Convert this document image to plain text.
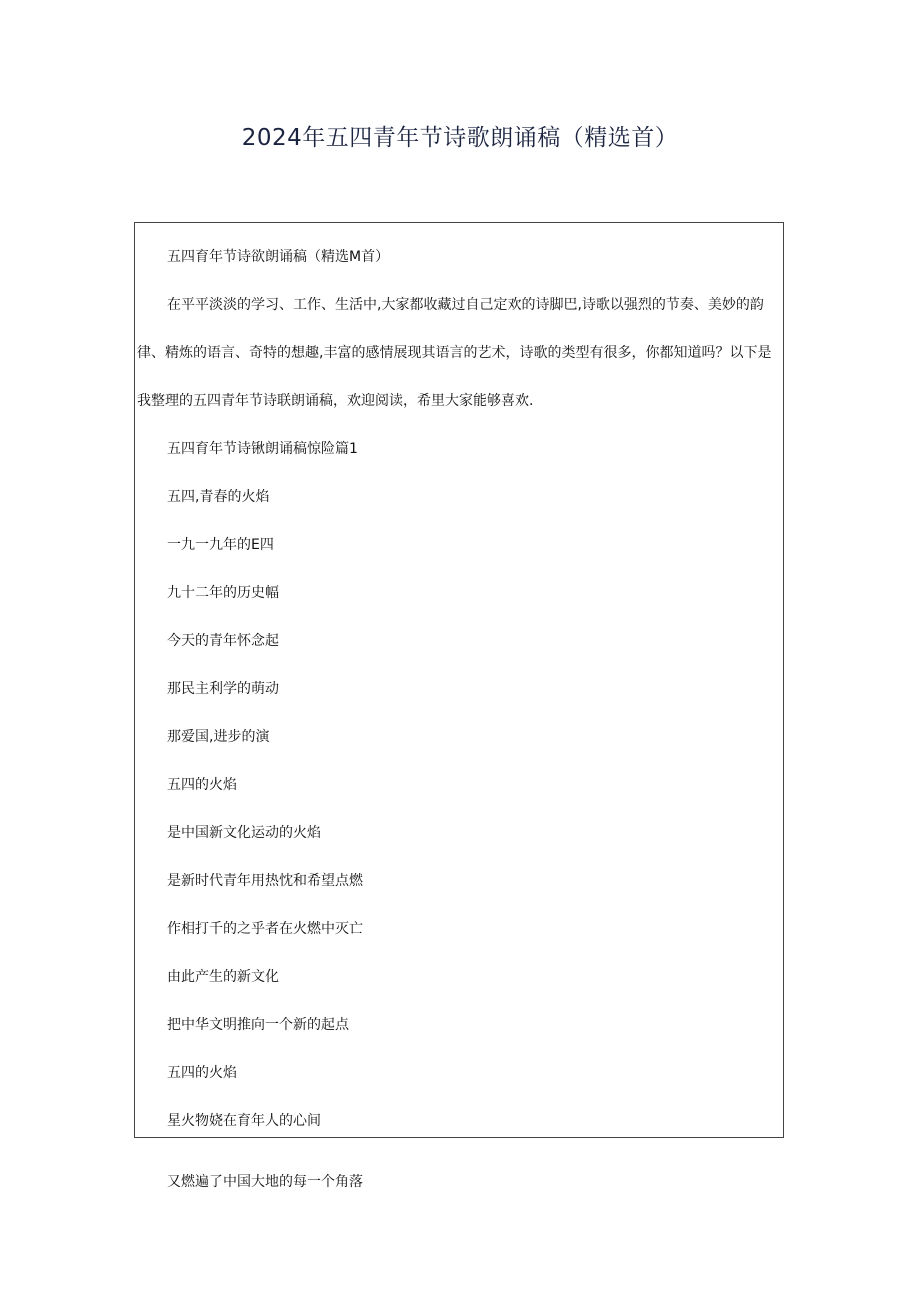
2024年五四青年节诗歌朗诵稿（精选首）

五四育年节诗欲朗诵稿（精选M首）

在平平淡淡的学习、工作、生活中,大家都收藏过自己定欢的诗脚巴,诗歌以强烈的节奏、美妙的韵律、精炼的语言、奇特的想趣,丰富的感情展现其语言的艺术，诗歌的类型有很多，你都知道吗？以下是我整理的五四青年节诗联朗诵稿，欢迎阅读，希里大家能够喜欢.

五四育年节诗锹朗诵稿惊险篇1

五四,青春的火焰

一九一九年的E四

九十二年的历史幅

今天的青年怀念起

那民主利学的萌动

那爱国,进步的演

五四的火焰

是中国新文化运动的火焰

是新时代青年用热忱和希望点燃

作相打千的之乎者在火燃中灭亡

由此产生的新文化

把中华文明推向一个新的起点

五四的火焰

星火物娆在育年人的心间

又燃遍了中国大地的每一个角落
